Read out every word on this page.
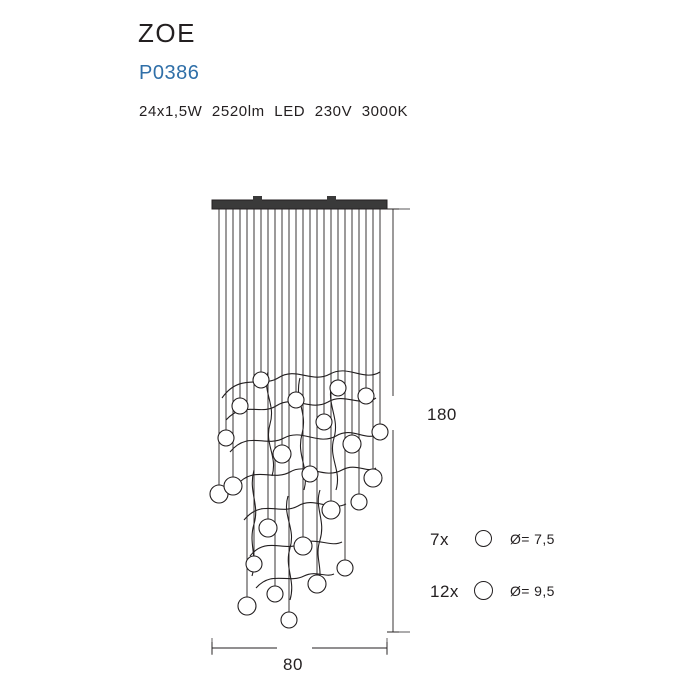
ZOE
P0386
24x1,5W  2520lm  LED  230V  3000K
180
80
7x	Ø= 7,5
12x	Ø= 9,5
